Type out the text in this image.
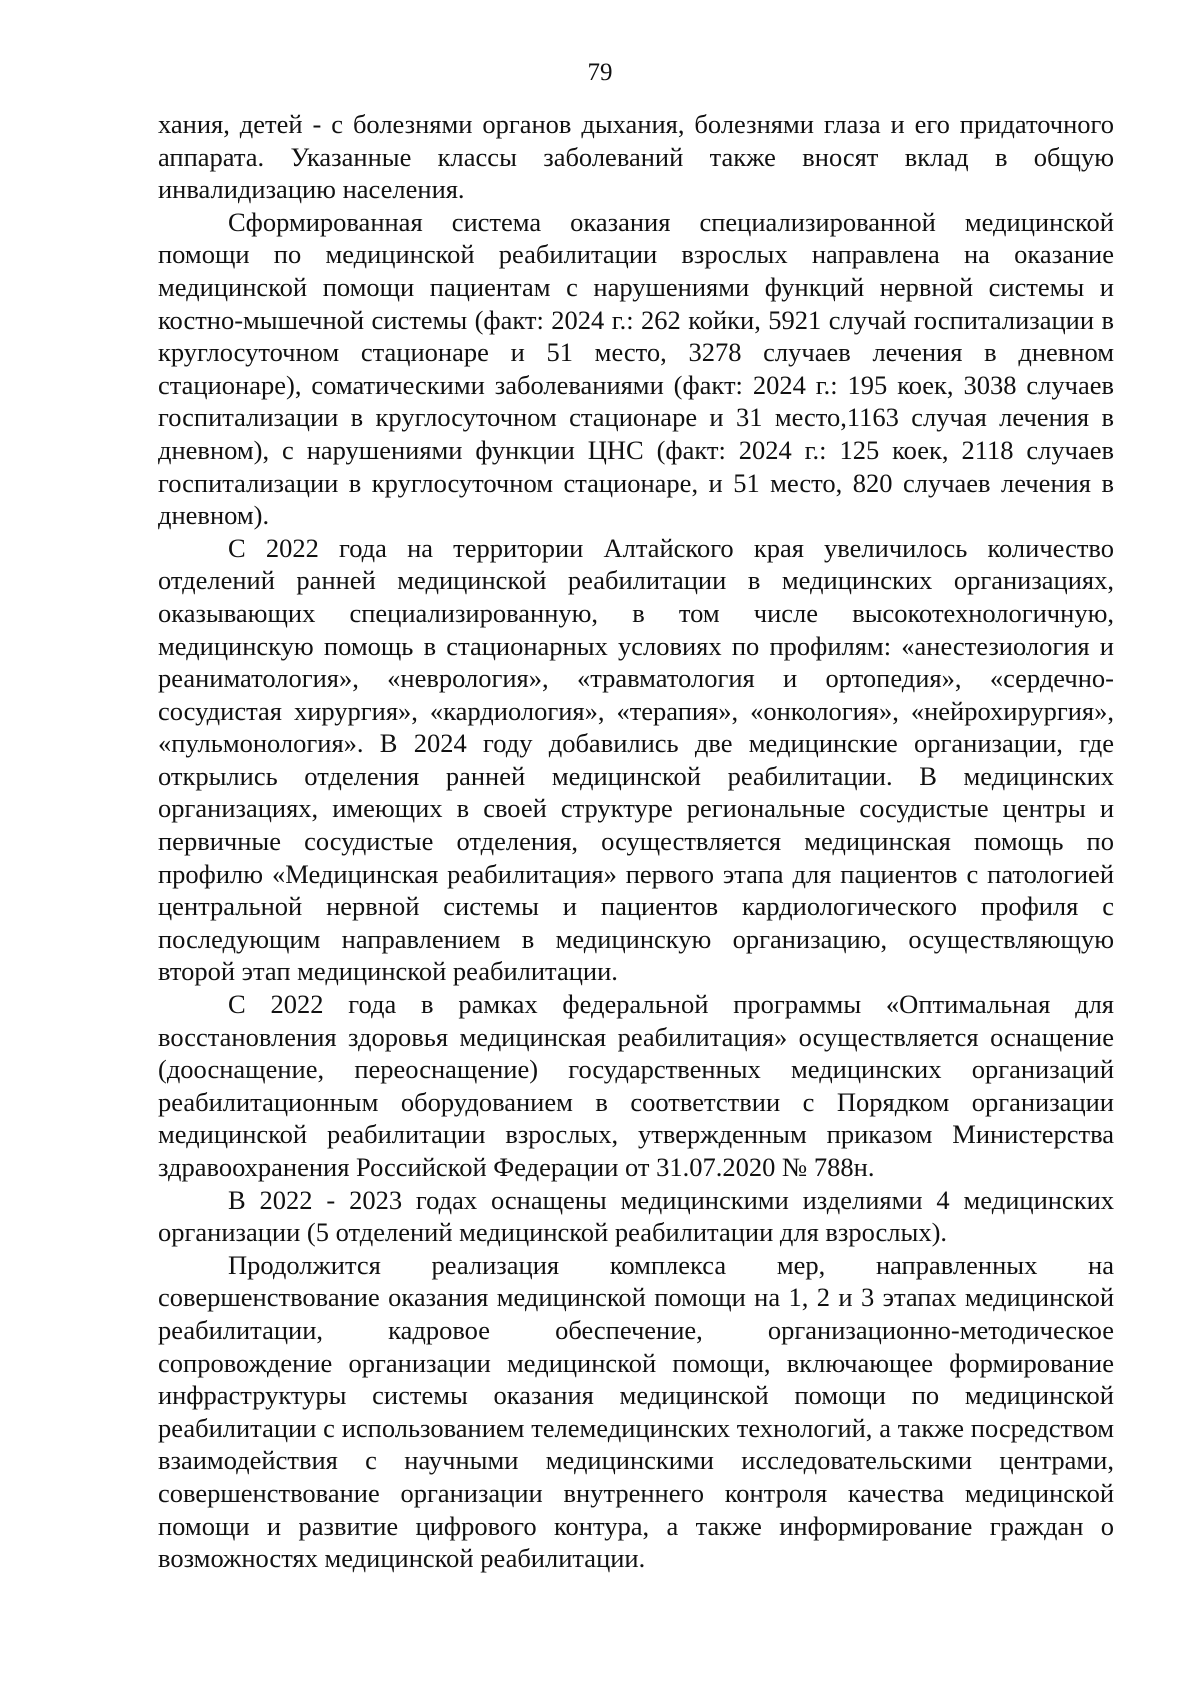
79

хания, детей - с болезнями органов дыхания, болезнями глаза и его придаточного аппарата. Указанные классы заболеваний также вносят вклад в общую инвалидизацию населения.

Сформированная система оказания специализированной медицинской помощи по медицинской реабилитации взрослых направлена на оказание медицинской помощи пациентам с нарушениями функций нервной системы и костно-мышечной системы (факт: 2024 г.: 262 койки, 5921 случай госпитализации в круглосуточном стационаре и 51 место, 3278 случаев лечения в дневном стационаре), соматическими заболеваниями (факт: 2024 г.: 195 коек, 3038 случаев госпитализации в круглосуточном стационаре и 31 место,1163 случая лечения в дневном), с нарушениями функции ЦНС (факт: 2024 г.: 125 коек, 2118 случаев госпитализации в круглосуточном стационаре, и 51 место, 820 случаев лечения в дневном).

С 2022 года на территории Алтайского края увеличилось количество отделений ранней медицинской реабилитации в медицинских организациях, оказывающих специализированную, в том числе высокотехнологичную, медицинскую помощь в стационарных условиях по профилям: «анестезиология и реаниматология», «неврология», «травматология и ортопедия», «сердечно-сосудистая хирургия», «кардиология», «терапия», «онкология», «нейрохирургия», «пульмонология». В 2024 году добавились две медицинские организации, где открылись отделения ранней медицинской реабилитации. В медицинских организациях, имеющих в своей структуре региональные сосудистые центры и первичные сосудистые отделения, осуществляется медицинская помощь по профилю «Медицинская реабилитация» первого этапа для пациентов с патологией центральной нервной системы и пациентов кардиологического профиля с последующим направлением в медицинскую организацию, осуществляющую второй этап медицинской реабилитации.

С 2022 года в рамках федеральной программы «Оптимальная для восстановления здоровья медицинская реабилитация» осуществляется оснащение (дооснащение, переоснащение) государственных медицинских организаций реабилитационным оборудованием в соответствии с Порядком организации медицинской реабилитации взрослых, утвержденным приказом Министерства здравоохранения Российской Федерации от 31.07.2020 № 788н.

В 2022 - 2023 годах оснащены медицинскими изделиями 4 медицинских организации (5 отделений медицинской реабилитации для взрослых).

Продолжится реализация комплекса мер, направленных на совершенствование оказания медицинской помощи на 1, 2 и 3 этапах медицинской реабилитации, кадровое обеспечение, организационно-методическое сопровождение организации медицинской помощи, включающее формирование инфраструктуры системы оказания медицинской помощи по медицинской реабилитации с использованием телемедицинских технологий, а также посредством взаимодействия с научными медицинскими исследовательскими центрами, совершенствование организации внутреннего контроля качества медицинской помощи и развитие цифрового контура, а также информирование граждан о возможностях медицинской реабилитации.
